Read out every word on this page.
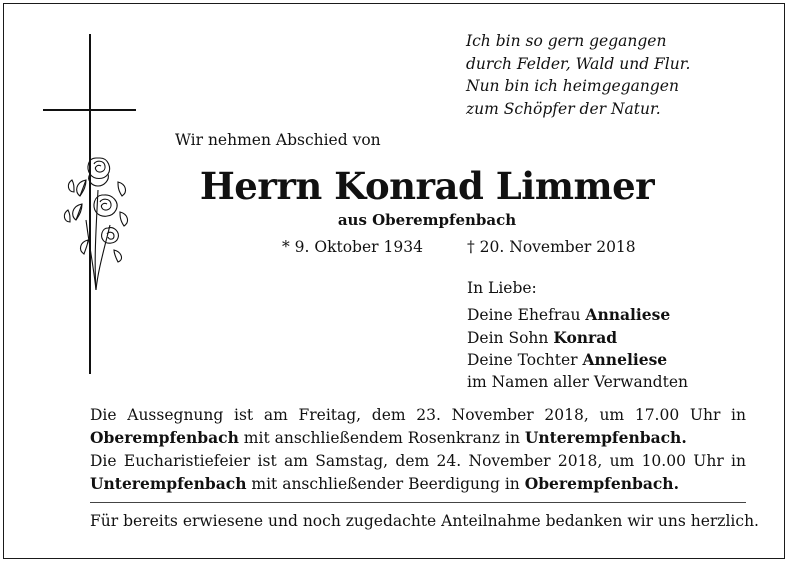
Ich bin so gern gegangen
durch Felder, Wald und Flur.
Nun bin ich heimgegangen
zum Schöpfer der Natur.
Wir nehmen Abschied von
Herrn Konrad Limmer
aus Oberempfenbach
* 9. Oktober 1934	† 20. November 2018
In Liebe:
Deine Ehefrau Annaliese
Dein Sohn Konrad
Deine Tochter Anneliese
im Namen aller Verwandten
Die Aussegnung ist am Freitag, dem 23. November 2018, um 17.00 Uhr in
Oberempfenbach mit anschließendem Rosenkranz in Unterempfenbach.
Die Eucharistiefeier ist am Samstag, dem 24. November 2018, um 10.00 Uhr in
Unterempfenbach mit anschließender Beerdigung in Oberempfenbach.
Für bereits erwiesene und noch zugedachte Anteilnahme bedanken wir uns herzlich.
